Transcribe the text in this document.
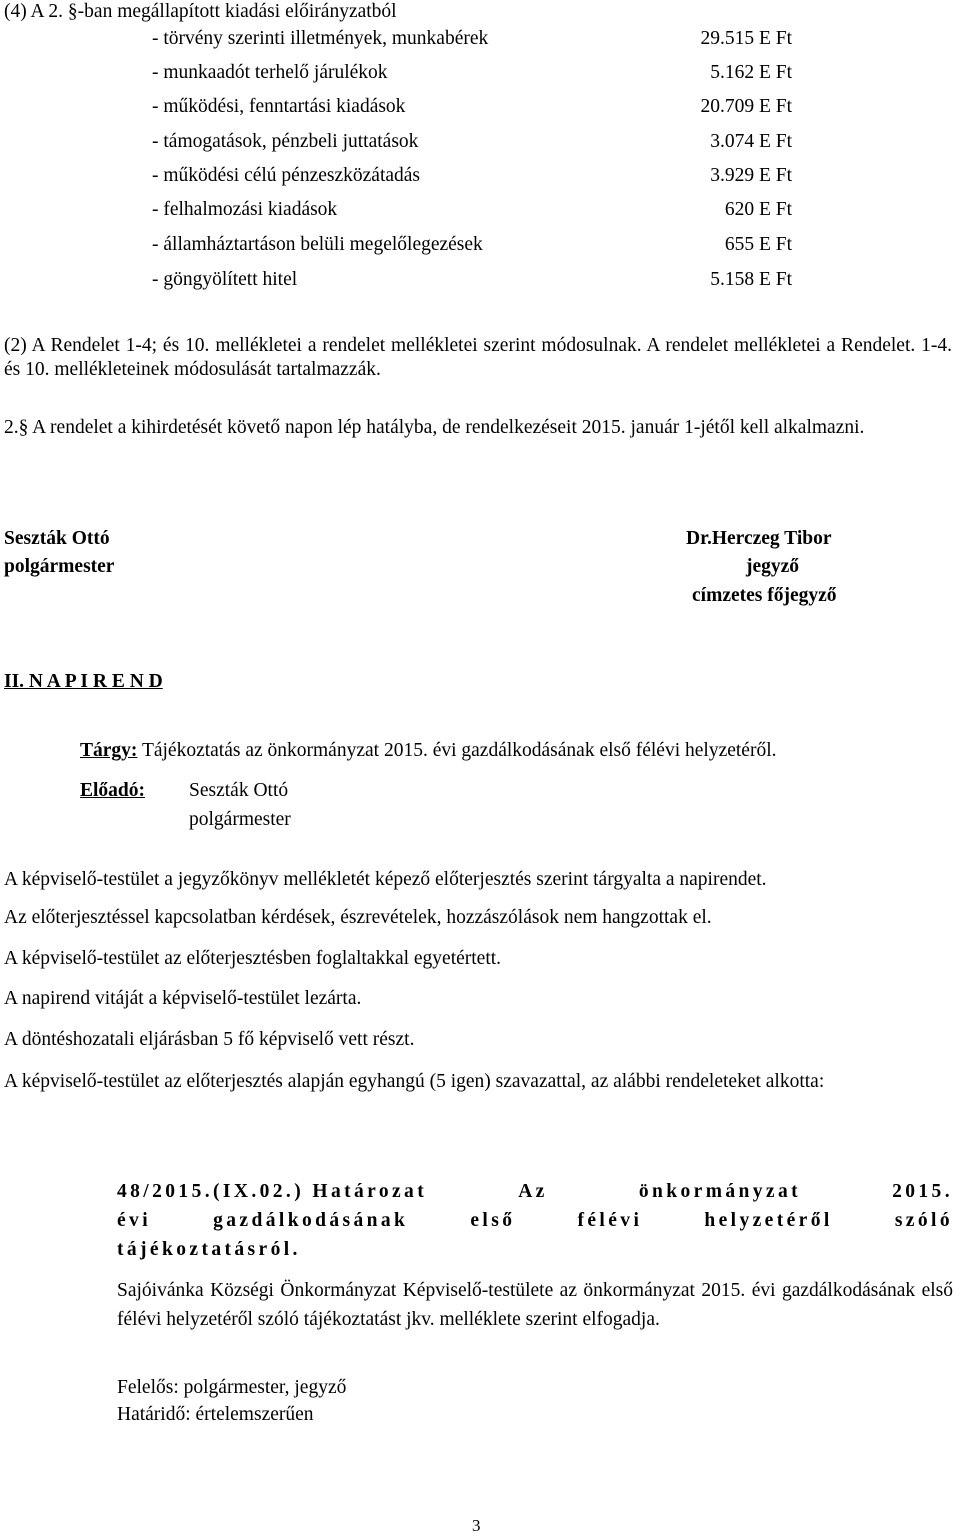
(4) A 2. §-ban megállapított kiadási előirányzatból
- törvény szerinti illetmények, munkabérek	29.515 E Ft
- munkaadót terhelő járulékok	5.162 E Ft
- működési, fenntartási kiadások	20.709 E Ft
- támogatások, pénzbeli juttatások	3.074 E Ft
- működési célú pénzeszközátadás	3.929 E Ft
- felhalmozási kiadások	620 E Ft
- államháztartáson belüli megelőlegezések	655 E Ft
- göngyölített hitel	5.158 E Ft
(2) A Rendelet 1-4; és 10. mellékletei a rendelet mellékletei szerint módosulnak. A rendelet mellékletei a Rendelet. 1-4. és 10. mellékleteinek módosulását tartalmazzák.
2.§ A rendelet a kihirdetését követő napon lép hatályba, de rendelkezéseit 2015. január 1-jétől kell alkalmazni.
Seszták Ottó
polgármester
Dr.Herczeg Tibor
jegyző
címzetes főjegyző
II. N A P I R E N D
Tárgy: Tájékoztatás az önkormányzat 2015. évi gazdálkodásának első félévi helyzetéről.
Előadó: Seszták Ottó
polgármester
A képviselő-testület a jegyzőkönyv mellékletét képező előterjesztés szerint tárgyalta a napirendet.
Az előterjesztéssel kapcsolatban kérdések, észrevételek, hozzászólások nem hangzottak el.
A képviselő-testület az előterjesztésben foglaltakkal egyetértett.
A napirend vitáját a képviselő-testület lezárta.
A döntéshozatali eljárásban 5 fő képviselő vett részt.
A képviselő-testület az előterjesztés alapján egyhangú (5 igen) szavazattal, az alábbi rendeleteket alkotta:
48/2015.(IX.02.) Határozat	Az	önkormányzat	2015.
évi	gazdálkodásának	első	félévi	helyzetéről	szóló
tájékoztatásról.
Sajóivánka Községi Önkormányzat Képviselő-testülete az önkormányzat 2015. évi gazdálkodásának első félévi helyzetéről szóló tájékoztatást jkv. melléklete szerint elfogadja.
Felelős: polgármester, jegyző
Határidő: értelemszerűen
3
